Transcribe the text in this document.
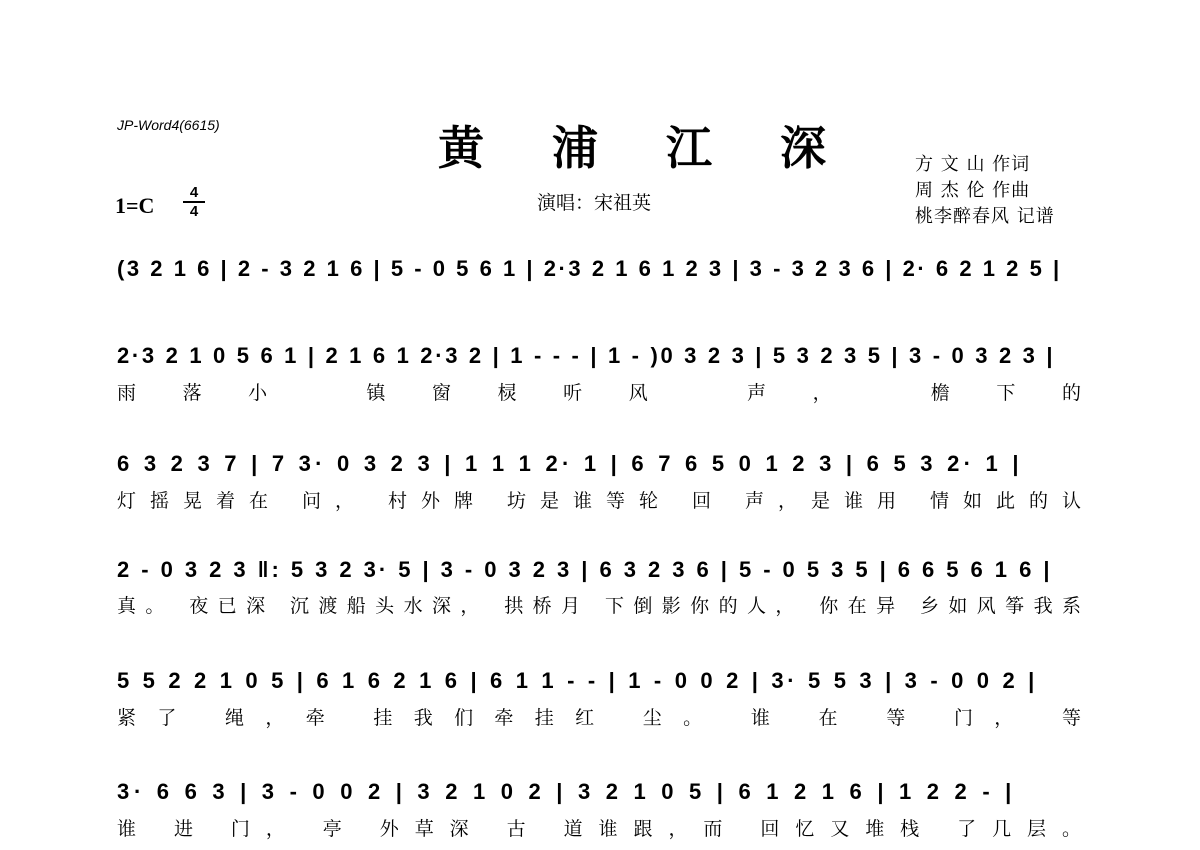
JP-Word4(6615)	黄 浦 江 深
演唱：宋祖英
方 文 山 作词
周 杰 伦 作曲
桃李醉春风 记谱
1=C
4
4
(3 2 1 6 | 2 - 3 2 1 6 | 5 - 0 5 6 1 | 2·3 2 1 6 1 2 3 | 3 - 3 2 3 6 | 2· 6 2 1 2 5 |
2·3 2 1 0 5 6 1 | 2 1 6 1 2·3 2 | 1 - - - | 1 - )0 3 2 3 | 5 3 2 3 5 | 3 - 0 3 2 3 |
雨落小 镇窗棂听风 声， 檐下的
6 3 2 3 7 | 7 3· 0 3 2 3 | 1 1 1 2· 1 | 6 7 6 5 0 1 2 3 | 6 5 3 2· 1 |
灯摇晃着在 问， 村外牌 坊是谁等轮 回 声，是谁用 情如此的认
2 - 0 3 2 3 ‖: 5 3 2 3· 5 | 3 - 0 3 2 3 | 6 3 2 3 6 | 5 - 0 5 3 5 | 6 6 5 6 1 6 |
真。 夜已深 沉渡船头水深， 拱桥月 下倒影你的人， 你在异 乡如风筝我系
5 5 2 2 1 0 5 | 6 1 6 2 1 6 | 6 1 1 - - | 1 - 0 0 2 | 3· 5 5 3 | 3 - 0 0 2 |
紧了 绳，牵 挂我们牵挂红 尘。 谁 在 等 门， 等
3· 6 6 3 | 3 - 0 0 2 | 3 2 1 0 2 | 3 2 1 0 5 | 6 1 2 1 6 | 1 2 2 - |
谁 进 门， 亭 外草深 古 道谁跟，而 回忆又堆栈 了几层。
